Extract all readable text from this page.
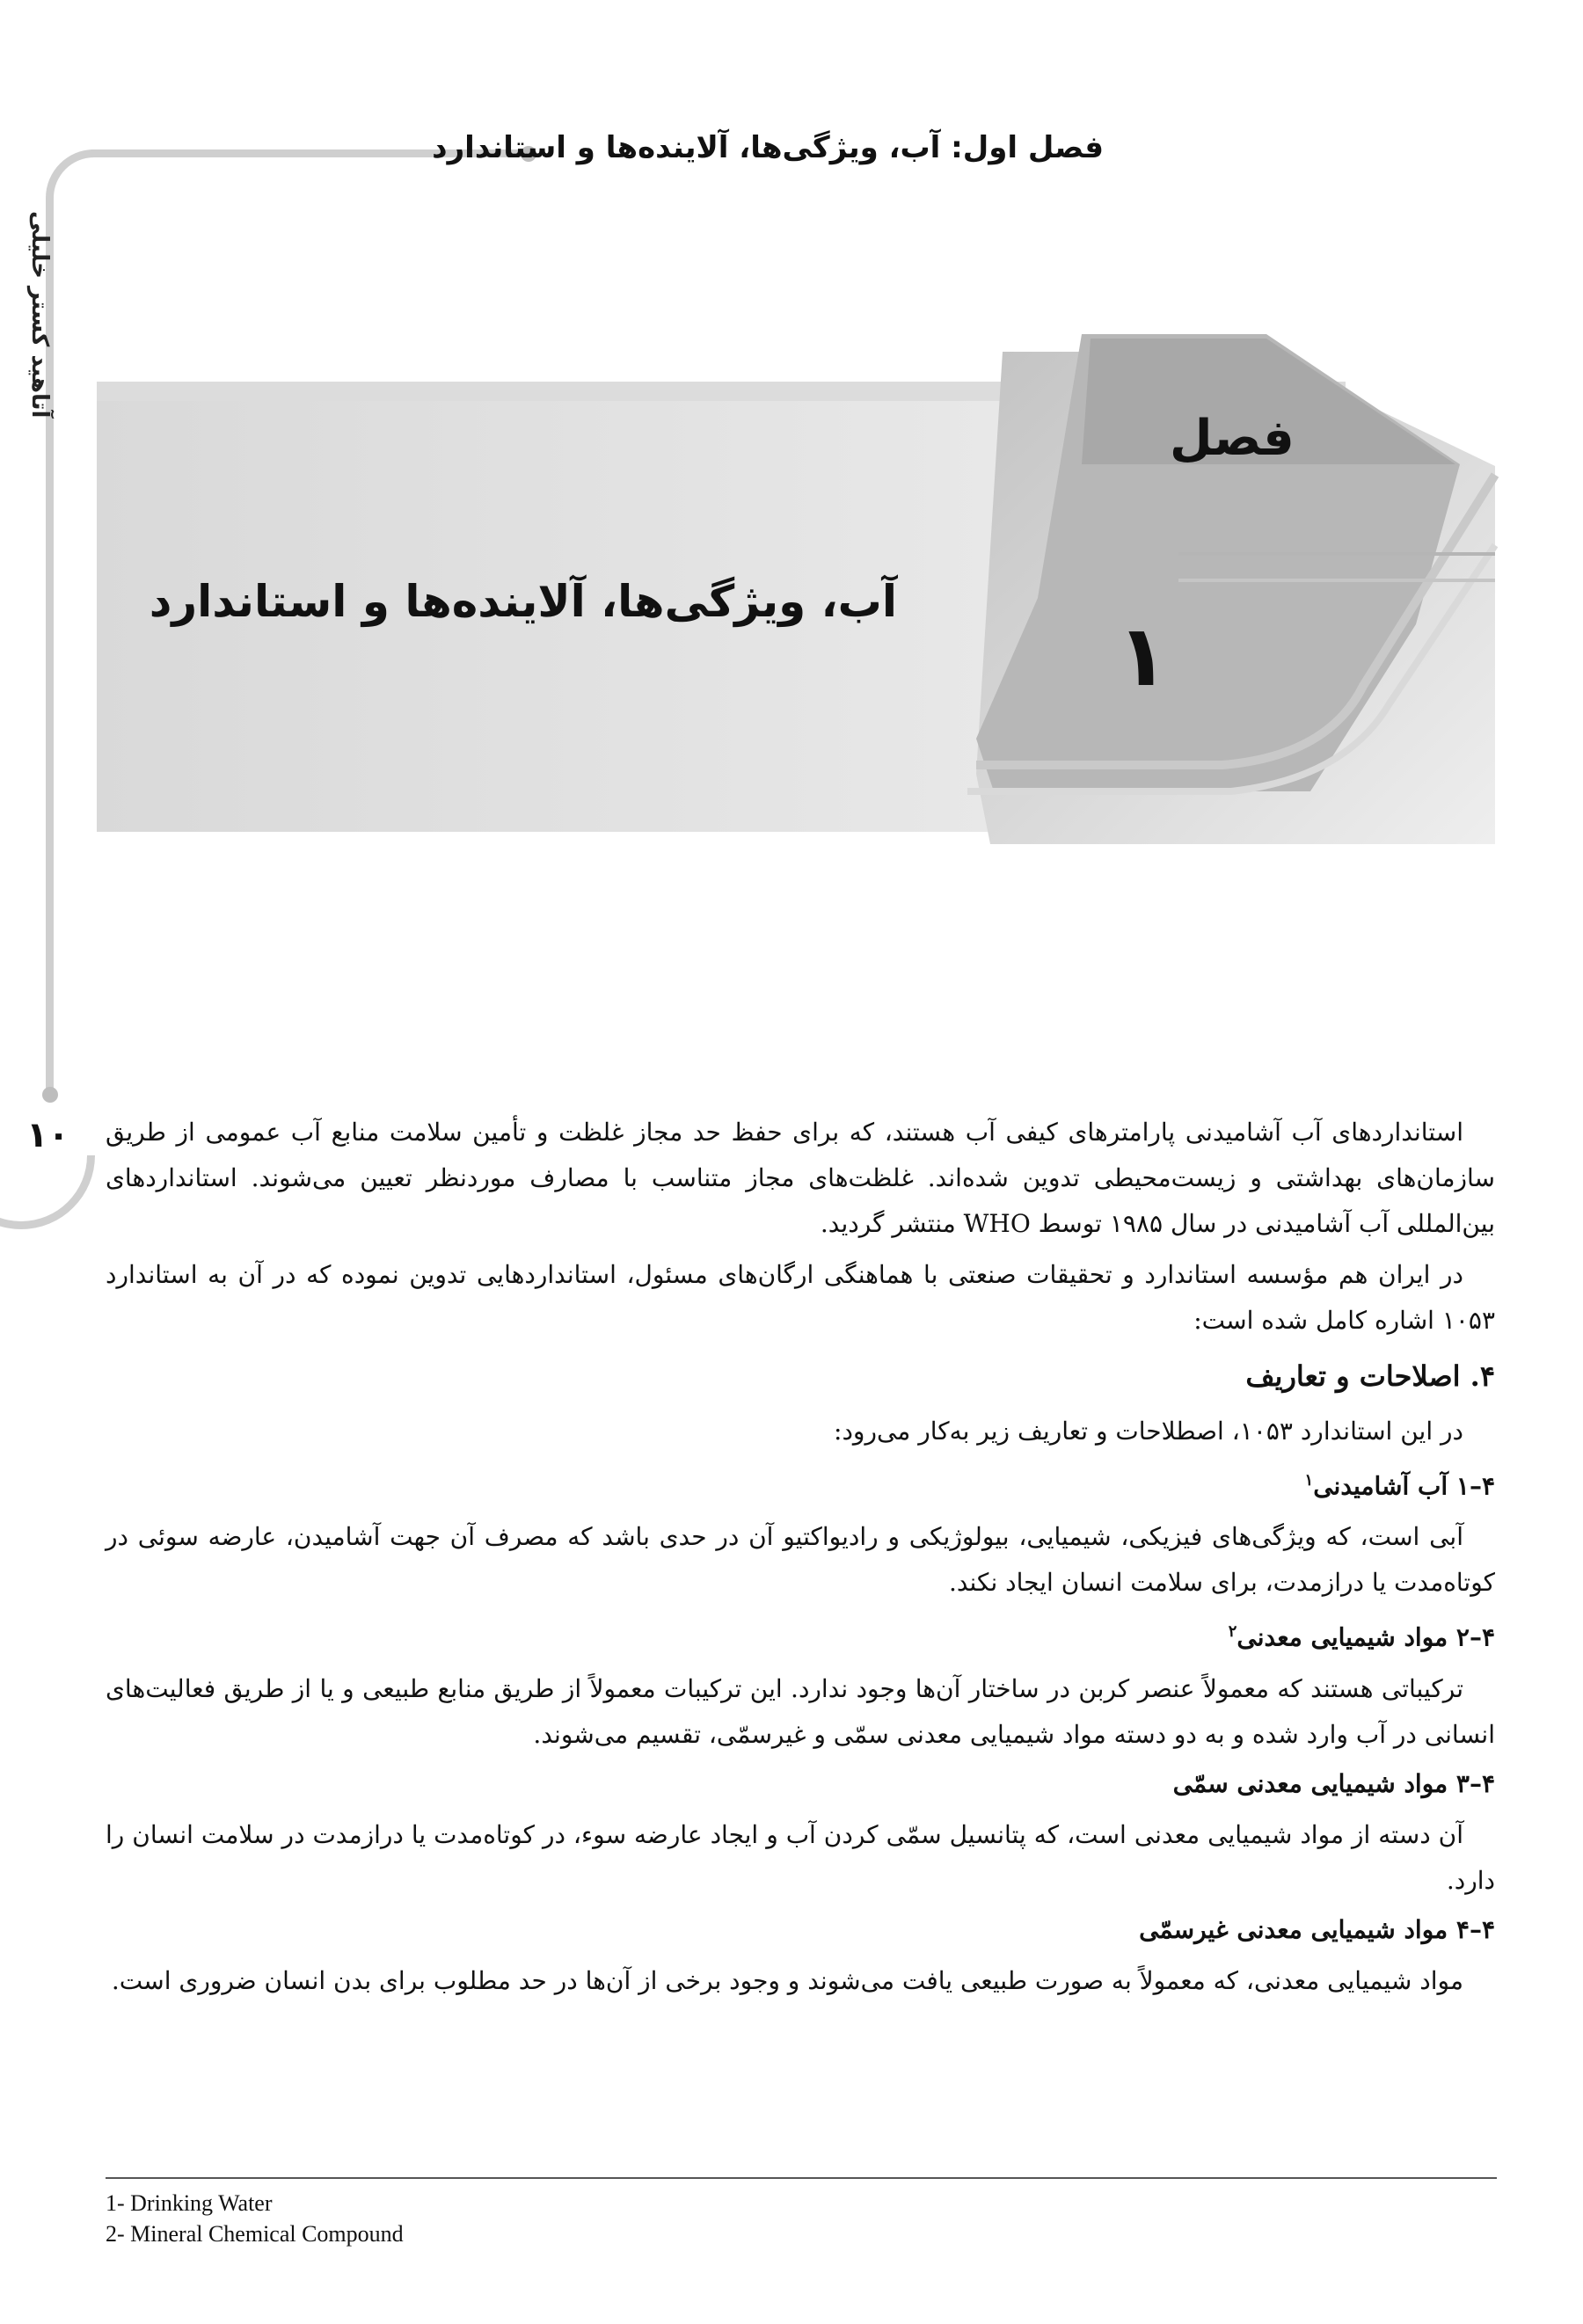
فصل اول: آب، ویژگی‌ها، آلاینده‌ها و استاندارد
آتاهید کستر خلیلی
۱۰
فصل
۱
آب، ویژگی‌ها، آلاینده‌ها و استاندارد

استانداردهای آب آشامیدنی پارامترهای کیفی آب هستند، که برای حفظ حد مجاز غلظت و تأمین سلامت منابع آب عمومی از طریق سازمان‌های بهداشتی و زیست‌محیطی تدوین شده‌اند. غلظت‌های مجاز متناسب با مصارف موردنظر تعیین می‌شوند. استانداردهای بین‌المللی آب آشامیدنی در سال ۱۹۸۵ توسط WHO منتشر گردید.

در ایران هم مؤسسه استاندارد و تحقیقات صنعتی با هماهنگی ارگان‌های مسئول، استانداردهایی تدوین نموده که در آن به استاندارد ۱۰۵۳ اشاره کامل شده است:

۴. اصلاحات و تعاریف

در این استاندارد ۱۰۵۳، اصطلاحات و تعاریف زیر به‌کار می‌رود:

۴–۱ آب آشامیدنی$^۱$

آبی است، که ویژگی‌های فیزیکی، شیمیایی، بیولوژیکی و رادیواکتیو آن در حدی باشد که مصرف آن جهت آشامیدن، عارضه سوئی در کوتاه‌مدت یا درازمدت، برای سلامت انسان ایجاد نکند.

۴–۲ مواد شیمیایی معدنی$^۲$

ترکیباتی هستند که معمولاً عنصر کربن در ساختار آن‌ها وجود ندارد. این ترکیبات معمولاً از طریق منابع طبیعی و یا از طریق فعالیت‌های انسانی در آب وارد شده و به دو دسته مواد شیمیایی معدنی سمّی و غیرسمّی، تقسیم می‌شوند.

۴–۳ مواد شیمیایی معدنی سمّی

آن دسته از مواد شیمیایی معدنی است، که پتانسیل سمّی کردن آب و ایجاد عارضه سوء، در کوتاه‌مدت یا درازمدت در سلامت انسان را دارد.

۴–۴ مواد شیمیایی معدنی غیرسمّی

مواد شیمیایی معدنی، که معمولاً به صورت طبیعی یافت می‌شوند و وجود برخی از آن‌ها در حد مطلوب برای بدن انسان ضروری است.

1- Drinking Water
2- Mineral Chemical Compound
